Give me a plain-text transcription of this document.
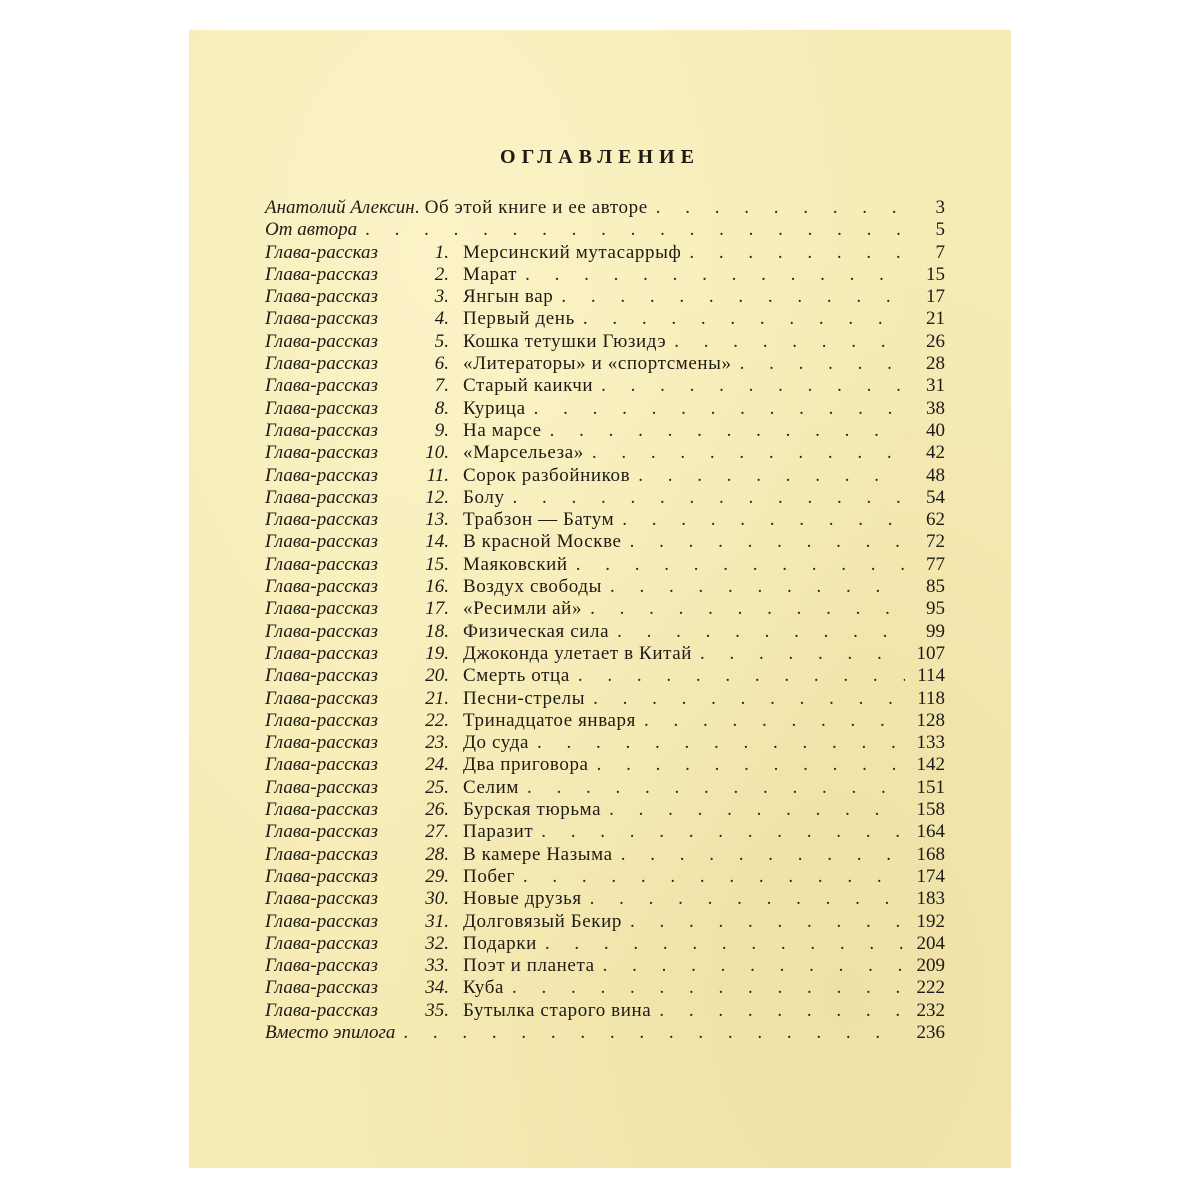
ОГЛАВЛЕНИЕ
Анатолий Алексин . Об этой книге и ее авторе . . .	3
От автора . . .	5
Глава-рассказ	1. Мерсинский мутасаррыф . . .	7
Глава-рассказ	2. Марат . . .	15
Глава-рассказ	3. Янгын вар . . .	17
Глава-рассказ	4. Первый день . . .	21
Глава-рассказ	5. Кошка тетушки Гюзидэ . . .	26
Глава-рассказ	6. «Литераторы» и «спортсмены» . . .	28
Глава-рассказ	7. Старый каикчи . . .	31
Глава-рассказ	8. Курица . . .	38
Глава-рассказ	9. На марсе . . .	40
Глава-рассказ	10. «Марсельеза» . . .	42
Глава-рассказ	11. Сорок разбойников . . .	48
Глава-рассказ	12. Болу . . .	54
Глава-рассказ	13. Трабзон — Батум . . .	62
Глава-рассказ	14. В красной Москве . . .	72
Глава-рассказ	15. Маяковский . . .	77
Глава-рассказ	16. Воздух свободы . . .	85
Глава-рассказ	17. «Ресимли ай» . . .	95
Глава-рассказ	18. Физическая сила . . .	99
Глава-рассказ	19. Джоконда улетает в Китай . . .	107
Глава-рассказ	20. Смерть отца . . .	114
Глава-рассказ	21. Песни-стрелы . . .	118
Глава-рассказ	22. Тринадцатое января . . .	128
Глава-рассказ	23. До суда . . .	133
Глава-рассказ	24. Два приговора . . .	142
Глава-рассказ	25. Селим . . .	151
Глава-рассказ	26. Бурская тюрьма . . .	158
Глава-рассказ	27. Паразит . . .	164
Глава-рассказ	28. В камере Назыма . . .	168
Глава-рассказ	29. Побег . . .	174
Глава-рассказ	30. Новые друзья . . .	183
Глава-рассказ	31. Долговязый Бекир . . .	192
Глава-рассказ	32. Подарки . . .	204
Глава-рассказ	33. Поэт и планета . . .	209
Глава-рассказ	34. Куба . . .	222
Глава-рассказ	35. Бутылка старого вина . . .	232
Вместо эпилога . . .	236
